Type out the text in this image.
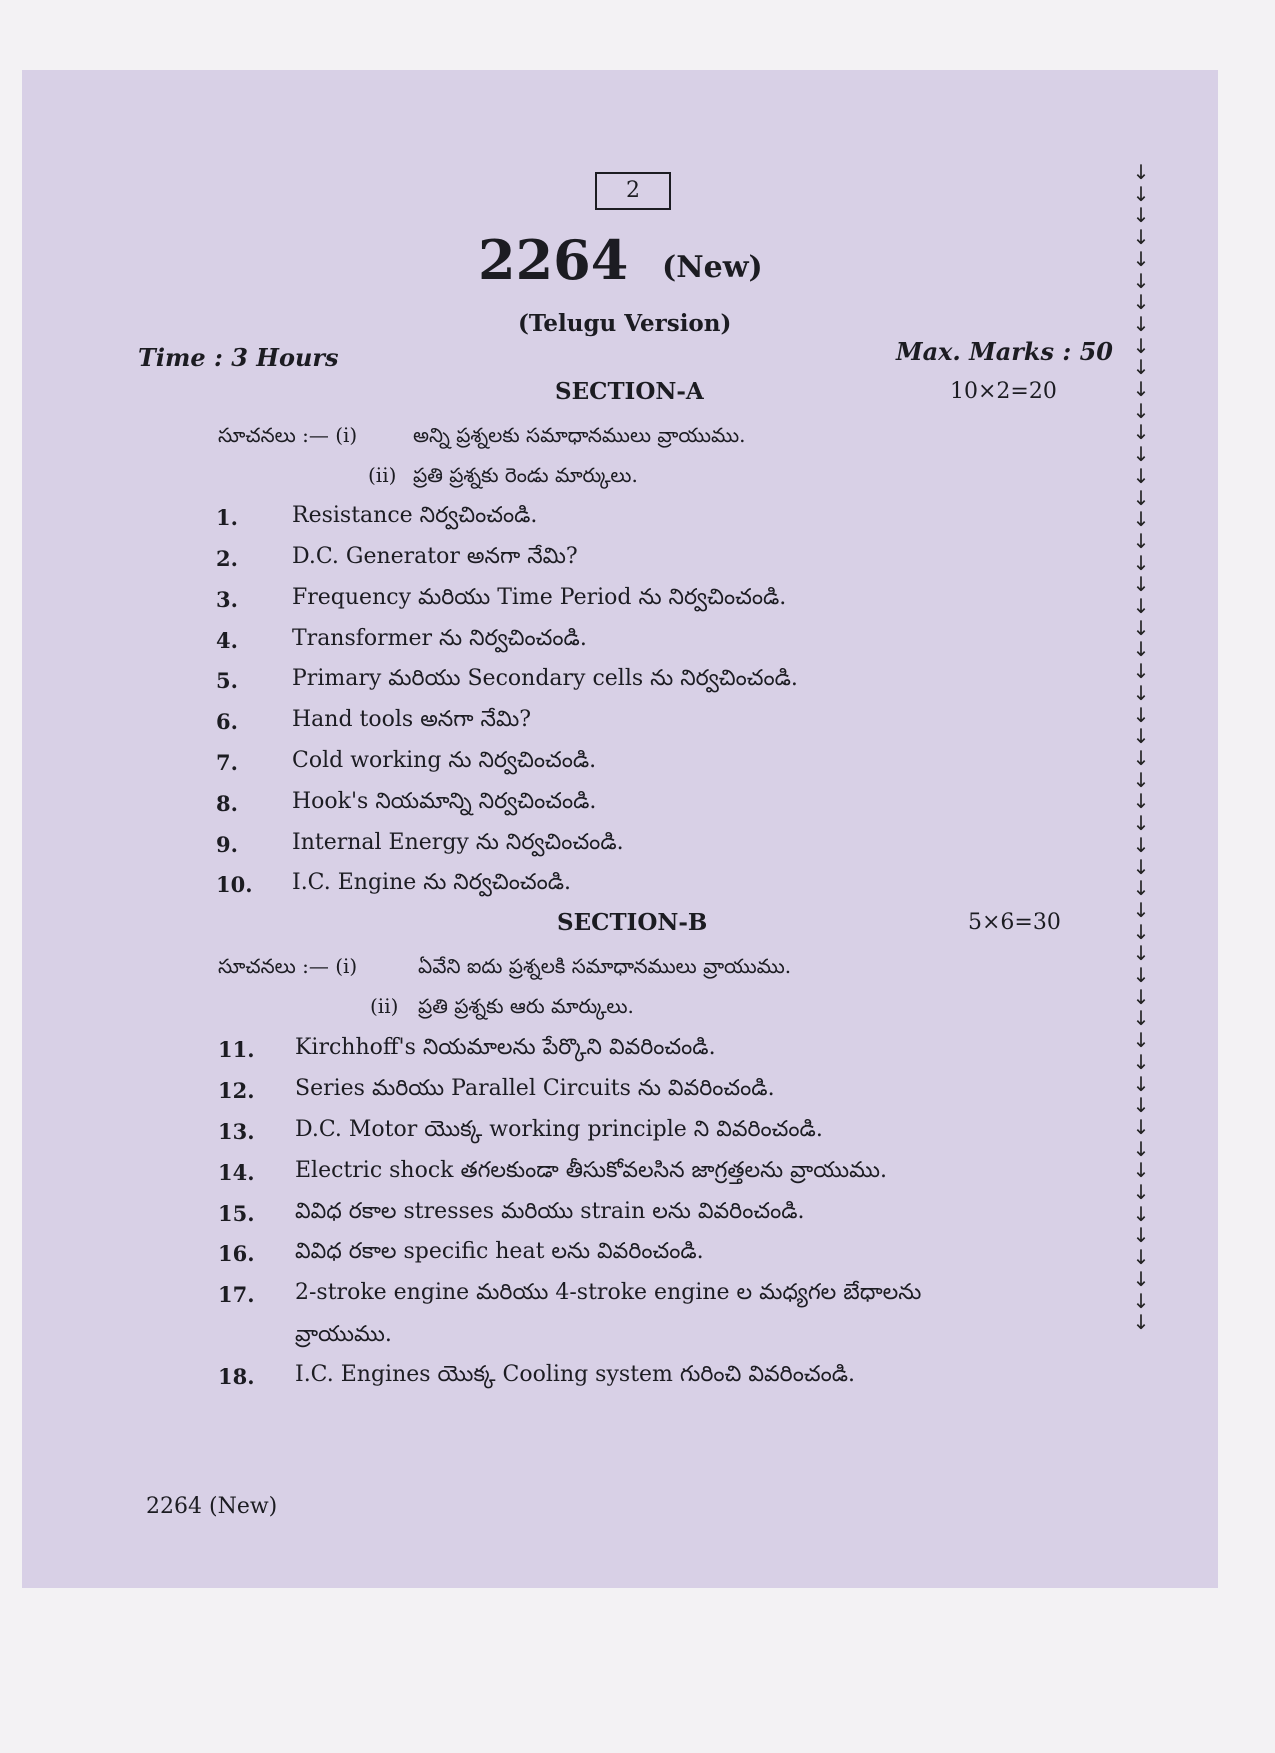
2
2264 (New)
(Telugu Version)
Time : 3 Hours	Max. Marks : 50
SECTION-A	10×2=20
సూచనలు :— (i)	అన్ని ప్రశ్నలకు సమాధానములు వ్రాయుము.
(ii) ప్రతి ప్రశ్నకు రెండు మార్కులు.
1. Resistance నిర్వచించండి.
2. D.C. Generator అనగా నేమి?
3. Frequency మరియు Time Period ను నిర్వచించండి.
4. Transformer ను నిర్వచించండి.
5. Primary మరియు Secondary cells ను నిర్వచించండి.
6. Hand tools అనగా నేమి?
7. Cold working ను నిర్వచించండి.
8. Hook's నియమాన్ని నిర్వచించండి.
9. Internal Energy ను నిర్వచించండి.
10. I.C. Engine ను నిర్వచించండి.
SECTION-B	5×6=30
సూచనలు :— (i)	ఏవేని ఐదు ప్రశ్నలకి సమాధానములు వ్రాయుము.
(ii) ప్రతి ప్రశ్నకు ఆరు మార్కులు.
11. Kirchhoff's నియమాలను పేర్కొని వివరించండి.
12. Series మరియు Parallel Circuits ను వివరించండి.
13. D.C. Motor యొక్క working principle ని వివరించండి.
14. Electric shock తగలకుండా తీసుకోవలసిన జాగ్రత్తలను వ్రాయుము.
15. వివిధ రకాల stresses మరియు strain లను వివరించండి.
16. వివిధ రకాల specific heat లను వివరించండి.
17. 2-stroke engine మరియు 4-stroke engine ల మధ్యగల బేధాలను
వ్రాయుము.
18. I.C. Engines యొక్క Cooling system గురించి వివరించండి.
2264 (New)
↓
↓
↓
↓
↓
↓
↓
↓
↓
↓
↓
↓
↓
↓
↓
↓
↓
↓
↓
↓
↓
↓
↓
↓
↓
↓
↓
↓
↓
↓
↓
↓
↓
↓
↓
↓
↓
↓
↓
↓
↓
↓
↓
↓
↓
↓
↓
↓
↓
↓
↓
↓
↓
↓
